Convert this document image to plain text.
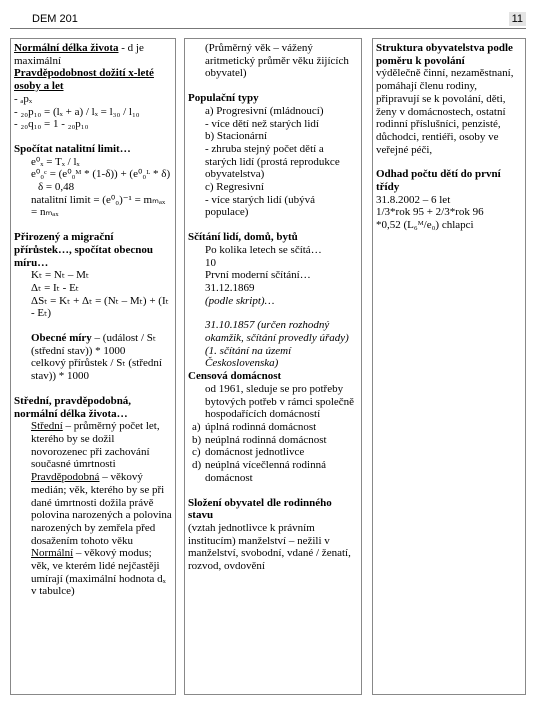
DEM 201	11
Normální délka života - d je maximální
Pravděpodobnost dožití x-leté osoby a let
- ₐpₓ
- ₂₀p₁₀ = (lₓ + a) / lₓ = l₃₀ / l₁₀
- ₂₀q₁₀ = 1 - ₂₀p₁₀
Spočítat natalitní limit…
e⁰ₓ = Tₓ / lₓ
e⁰₀ᶜ = (e⁰₀ᴹ * (1-δ)) + (e⁰₀ᴸ * δ)
δ = 0,48
natalitní limit = (e⁰₀)⁻¹ = mₘₐₓ = nₘₐₓ
Přirozený a migrační přírůstek…, spočítat obecnou míru…
Kₜ = Nₜ – Mₜ
Δₜ = Iₜ - Eₜ
ΔSₜ = Kₜ + Δₜ = (Nₜ – Mₜ) + (Iₜ - Eₜ)
Obecné míry – (událost / Sₜ (střední stav)) * 1000
celkový přírůstek / Sₜ (střední stav)) * 1000
Střední, pravděpodobná, normální délka života…
Střední – průměrný počet let, kterého by se dožil novorozenec při zachování současné úmrtnosti
Pravděpodobná – věkový medián; věk, kterého by se při dané úmrtnosti dožila právě polovina narozených a polovina narozených by zemřela před dosažením tohoto věku
Normální – věkový modus; věk, ve kterém lidé nejčastěji umírají (maximální hodnota dₓ v tabulce)
(Průměrný věk – vážený aritmetický průměr věku žijících obyvatel)
Populační typy
a) Progresivní (mládnoucí)
- více dětí než starých lidí
b) Stacionární
- zhruba stejný počet dětí a starých lidí (prostá reprodukce obyvatelstva)
c) Regresivní
- více starých lidí (ubývá populace)
Sčítání lidí, domů, bytů
Po kolika letech se sčítá…
10
První moderní sčítání…
31.12.1869
(podle skript)…
31.10.1857 (určen rozhodný okamžik, sčítání provedly úřady) (1. sčítání na území Československa)
Censová domácnost
od 1961, sleduje se pro potřeby bytových potřeb v rámci společně hospodařících domácností
a) úplná rodinná domácnost
b) neúplná rodinná domácnost
c) domácnost jednotlivce
d) neúplná vícečlenná rodinná domácnost
Složení obyvatel dle rodinného stavu
(vztah jednotlivce k právním institucím) manželství – nežili v manželství, svobodní, vdané / ženatí, rozvod, ovdovění
Struktura obyvatelstva podle poměru k povolání
výdělečně činní, nezaměstnaní, pomáhají členu rodiny, připravují se k povolání, děti, ženy v domácnostech, ostatní rodinní příslušníci, penzisté, důchodci, rentiéři, osoby ve veřejné péči,
Odhad počtu dětí do první třídy
31.8.2002 – 6 let
1/3*rok 95 + 2/3*rok 96
*0,52 (L₆ᴹ/e₀) chlapci
